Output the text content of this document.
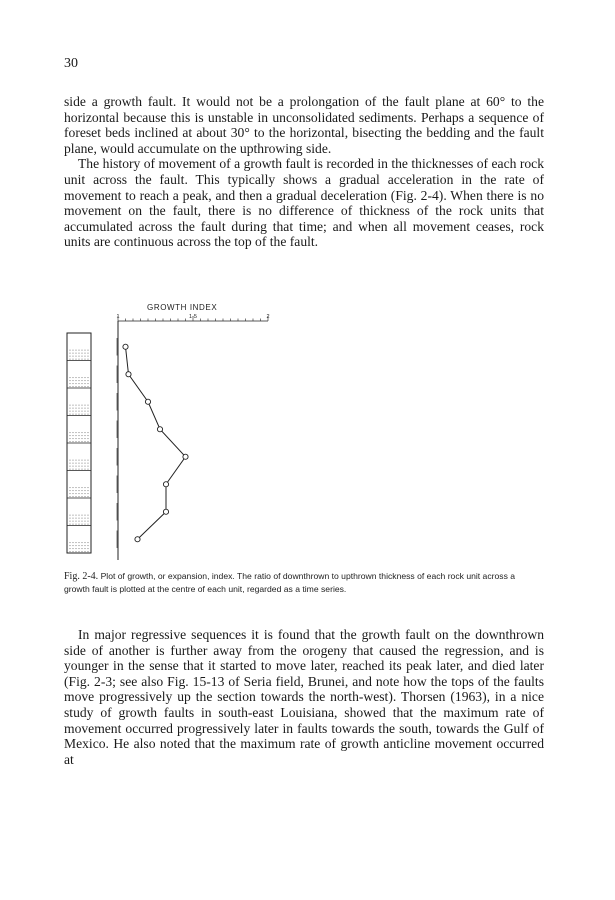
30

side a growth fault. It would not be a prolongation of the fault plane at 60° to the horizontal because this is unstable in unconsolidated sediments. Perhaps a sequence of foreset beds inclined at about 30° to the horizontal, bisecting the bedding and the fault plane, would accumulate on the upthrowing side.

The history of movement of a growth fault is recorded in the thicknesses of each rock unit across the fault. This typically shows a gradual acceleration in the rate of movement to reach a peak, and then a gradual deceleration (Fig. 2-4). When there is no movement on the fault, there is no difference of thickness of the rock units that accumulated across the fault during that time; and when all movement ceases, rock units are continuous across the top of the fault.

GROWTH INDEX
1	1·5	2
Fig. 2-4. Plot of growth, or expansion, index. The ratio of downthrown to upthrown thickness of each rock unit across a growth fault is plotted at the centre of each unit, regarded as a time series.

In major regressive sequences it is found that the growth fault on the downthrown side of another is further away from the orogeny that caused the regression, and is younger in the sense that it started to move later, reached its peak later, and died later (Fig. 2-3; see also Fig. 15-13 of Seria field, Brunei, and note how the tops of the faults move progressively up the section towards the north-west). Thorsen (1963), in a nice study of growth faults in south-east Louisiana, showed that the maximum rate of movement occurred progressively later in faults towards the south, towards the Gulf of Mexico. He also noted that the maximum rate of growth anticline movement occurred at
